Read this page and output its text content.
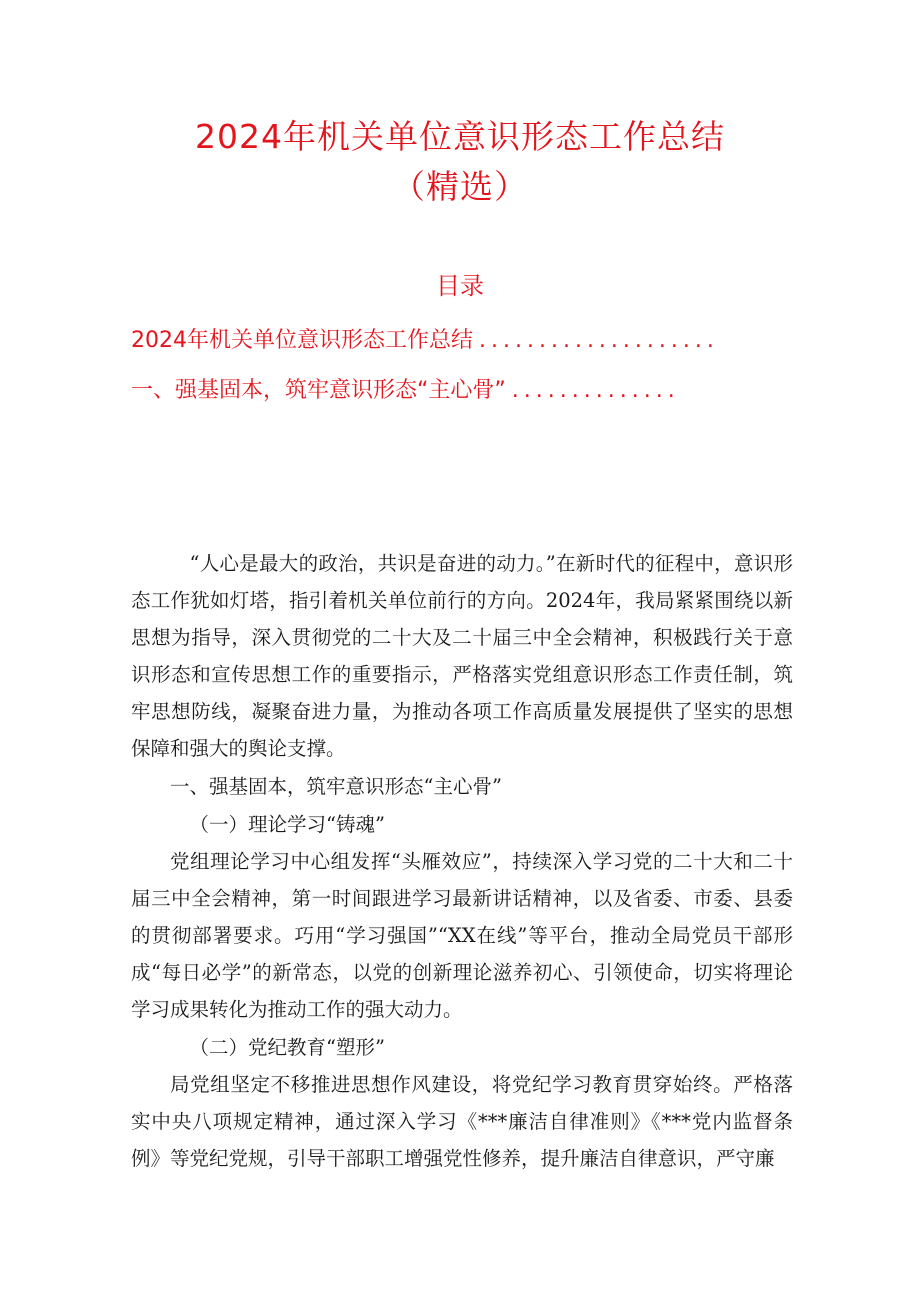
2024年机关单位意识形态工作总结
（精选）
目录
2024年机关单位意识形态工作总结 ....................
一、强基固本，筑牢意识形态“主心骨” ..............

“人心是最大的政治，共识是奋进的动力。”在新时代的征程中，意识形态工作犹如灯塔，指引着机关单位前行的方向。2024年，我局紧紧围绕以新思想为指导，深入贯彻党的二十大及二十届三中全会精神，积极践行关于意识形态和宣传思想工作的重要指示，严格落实党组意识形态工作责任制，筑牢思想防线，凝聚奋进力量，为推动各项工作高质量发展提供了坚实的思想保障和强大的舆论支撑。

一、强基固本，筑牢意识形态“主心骨”

（一）理论学习“铸魂”

党组理论学习中心组发挥“头雁效应”，持续深入学习党的二十大和二十届三中全会精神，第一时间跟进学习最新讲话精神，以及省委、市委、县委的贯彻部署要求。巧用“学习强国”“XX在线”等平台，推动全局党员干部形成“每日必学”的新常态，以党的创新理论滋养初心、引领使命，切实将理论学习成果转化为推动工作的强大动力。

（二）党纪教育“塑形”

局党组坚定不移推进思想作风建设，将党纪学习教育贯穿始终。严格落实中央八项规定精神，通过深入学习《***廉洁自律准则》《***党内监督条例》等党纪党规，引导干部职工增强党性修养，提升廉洁自律意识，严守廉
